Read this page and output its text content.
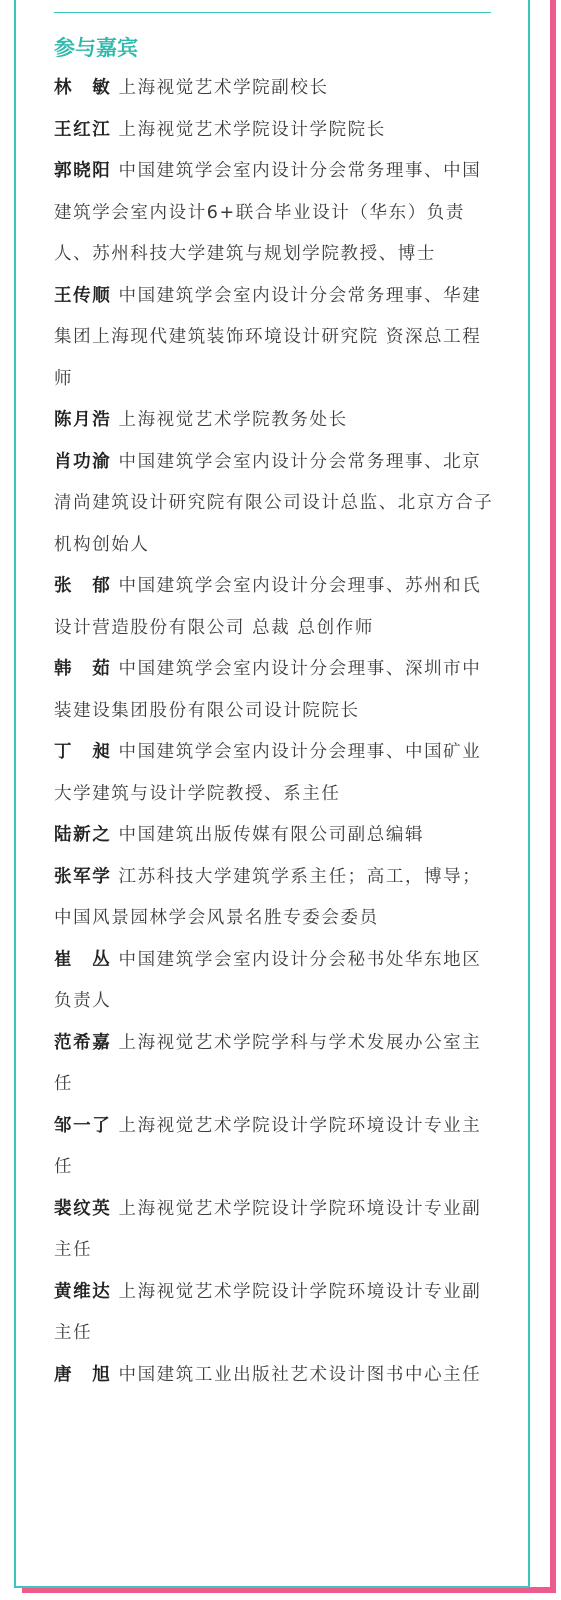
参与嘉宾

林　敏 上海视觉艺术学院副校长

王红江 上海视觉艺术学院设计学院院长

郭晓阳 中国建筑学会室内设计分会常务理事、中国建筑学会室内设计6+联合毕业设计（华东）负责人、苏州科技大学建筑与规划学院教授、博士

王传顺 中国建筑学会室内设计分会常务理事、华建集团上海现代建筑装饰环境设计研究院 资深总工程师

陈月浩 上海视觉艺术学院教务处长

肖功渝 中国建筑学会室内设计分会常务理事、北京清尚建筑设计研究院有限公司设计总监、北京方合子机构创始人

张　郁 中国建筑学会室内设计分会理事、苏州和氏设计营造股份有限公司 总裁 总创作师

韩　茹 中国建筑学会室内设计分会理事、深圳市中装建设集团股份有限公司设计院院长

丁　昶 中国建筑学会室内设计分会理事、中国矿业大学建筑与设计学院教授、系主任

陆新之 中国建筑出版传媒有限公司副总编辑

张军学 江苏科技大学建筑学系主任；高工，博导；中国风景园林学会风景名胜专委会委员

崔　丛 中国建筑学会室内设计分会秘书处华东地区负责人

范希嘉 上海视觉艺术学院学科与学术发展办公室主任

邹一了 上海视觉艺术学院设计学院环境设计专业主任

裴纹英 上海视觉艺术学院设计学院环境设计专业副主任

黄维达 上海视觉艺术学院设计学院环境设计专业副主任

唐　旭 中国建筑工业出版社艺术设计图书中心主任
